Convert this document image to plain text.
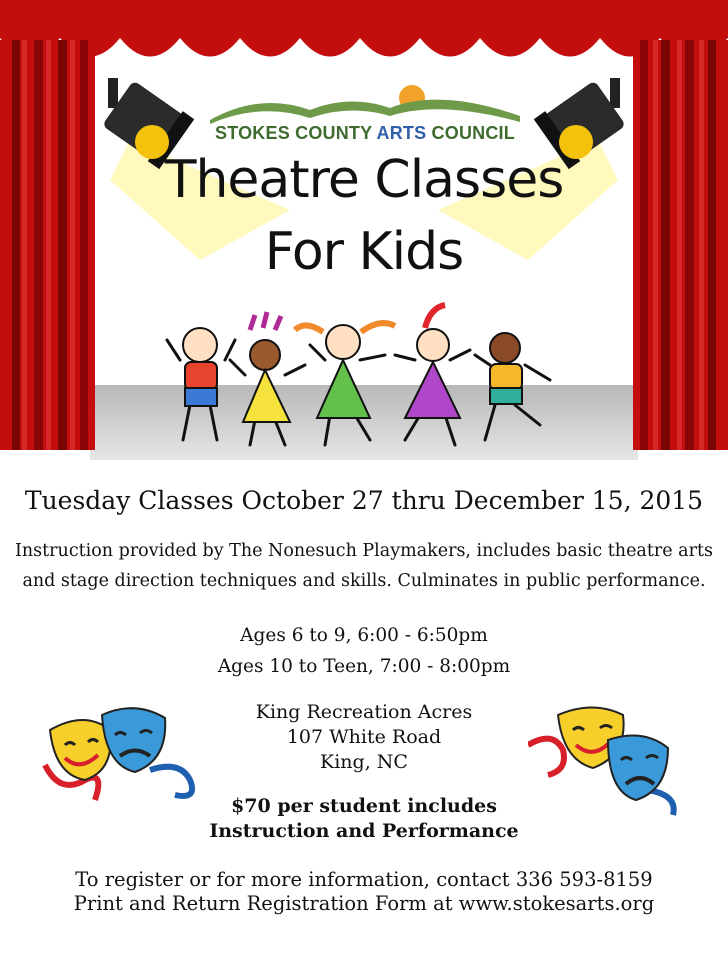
STOKES COUNTY ARTS COUNCIL
Theatre Classes
For Kids
Tuesday Classes October 27 thru December 15, 2015
Instruction provided by The Nonesuch Playmakers, includes basic theatre arts
and stage direction techniques and skills. Culminates in public performance.
Ages 6 to 9, 6:00 - 6:50pm
Ages 10 to Teen, 7:00 - 8:00pm
King Recreation Acres
107 White Road
King, NC
$70 per student includes
Instruction and Performance
To register or for more information, contact 336 593-8159
Print and Return Registration Form at www.stokesarts.org
